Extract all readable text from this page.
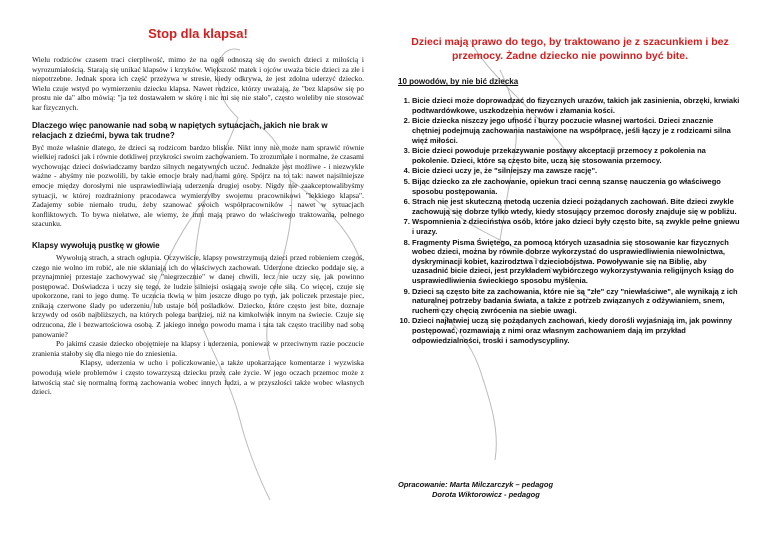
Stop dla klapsa!

Wielu rodziców czasem traci cierpliwość, mimo że na ogół odnoszą się do swoich dzieci z miłością i wyrozumiałością. Starają się unikać klapsów i krzyków. Większość matek i ojców uważa bicie dzieci za złe i niepotrzebne. Jednak spora ich część przeżywa w stresie, kiedy odkrywa, że jest zdolna uderzyć dziecko. Wielu czuje wstyd po wymierzeniu dziecku klapsa. Nawet rodzice, którzy uważają, że "bez klapsów się po prostu nie da" albo mówią: "ja też dostawałem w skórę i nic mi się nie stało", często wolelibу nie stosować kar fizycznych.

Dlaczego więc panowanie nad sobą w napiętych sytuacjach, jakich nie brak w relacjach z dziećmi, bywa tak trudne?

Być może właśnie dlatego, że dzieci są rodzicom bardzo bliskie. Nikt inny nie może nam sprawić równie wielkiej radości jak i równie dotkliwej przykrości swoim zachowaniem. To zrozumiałe i normalne, że czasami wychowując dzieci doświadczamy bardzo silnych negatywnych uczuć. Jednakże jest możliwe - i niezwykle ważne - abyśmy nie pozwolili, by takie emocje brały nad nami górę. Spójrz na to tak: nawet najsilniejsze emocje między dorosłymi nie usprawiedliwiają uderzenia drugiej osoby. Nigdy nie zaakceptowalibyśmy sytuacji, w której rozdrażniony pracodawca wymierzyłby swojemu pracownikowi "lekkiego klapsa". Zadajemy sobie niemało trudu, żeby szanować swoich współpracowników - nawet w sytuacjach konfliktowych. To bywa niełatwe, ale wiemy, że inni mają prawo do właściwego traktowania, pełnego szacunku.

Klapsy wywołują pustkę w głowie

Wywołują strach, a strach ogłupia. Oczywiście, klapsy powstrzymują dzieci przed robieniem czegoś, czego nie wolno im robić, ale nie skłaniają ich do właściwych zachowań. Uderzone dziecko poddaje się, a przynajmniej przestaje zachowywać się "niegrzecznie" w danej chwili, lecz nie uczy się, jak powinno postępować. Doświadcza i uczy się tego, że ludzie silniejsi osiągają swoje celе siłą. Co więcej, czuje się upokorzone, rani to jego dumę. Te uczucia tkwią w nim jeszcze długo po tym, jak policzek przestaje piec, znikają czerwone ślady po uderzeniu lub ustaje ból pośladków. Dziecko, które często jest bite, doznaje krzywdy od osób najbliższych, na których polega bardziej, niż na kimkolwiek innym na świecie. Czuje się odrzucona, źle i bezwartościowa osobą. Z jakiego innego powodu mama i tata tak często traciliby nad sobą panowanie?

Po jakimś czasie dziecko obojętnieje na klapsy i uderzenia, ponieważ w przeciwnym razie poczucie zranienia stałoby się dla niego nie do zniesienia.

Klapsy, uderzenia w ucho i policzkowanie, a także upokarzające komentarze i wyzwiska powodują wiele problemów i często towarzyszą dziecku przez całe życie. W jego oczach przemoc może z łatwością stać się normalną formą zachowania wobec innych ludzi, a w przyszłości także wobec własnych dzieci.

Dzieci mają prawo do tego, by traktowano je z szacunkiem i bez przemocy. Żadne dziecko nie powinno być bite.
10 powodów, by nie bić dziecka
1. Bicie dzieci może doprowadzać do fizycznych urazów, takich jak zasinienia, obrzęki, krwiaki podtwardówkowe, uszkodzenia nerwów i złamania kości.
2. Bicie dziecka niszczy jego ufność i burzy poczucie własnej wartości. Dzieci znacznie chętniej podejmują zachowania nastawione na współpracę, jeśli łączy je z rodzicami silna więź miłości.
3. Bicie dzieci powoduje przekazywanie postawy akceptacji przemocy z pokolenia na pokolenie. Dzieci, które są często bite, uczą się stosowania przemocy.
4. Bicie dzieci uczy je, że "silniejszy ma zawsze rację".
5. Bijąc dziecko za złe zachowanie, opiekun traci cenną szansę nauczenia go właściwego sposobu postępowania.
6. Strach nie jest skuteczną metodą uczenia dzieci pożądanych zachowań. Bite dzieci zwykle zachowują się dobrze tylko wtedy, kiedy stosujący przemoc dorosły znajduje się w pobliżu.
7. Wspomnienia z dzieciństwa osób, które jako dzieci były często bite, są zwykle pełne gniewu i urazy.
8. Fragmenty Pisma Świętego, za pomocą których uzasadnia się stosowanie kar fizycznych wobec dzieci, można by równie dobrze wykorzystać do usprawiedliwienia niewolnictwa, dyskryminacji kobiet, kazirodztwa i dzieciobójstwa. Powoływanie się na Biblię, aby uzasadnić bicie dzieci, jest przykładem wybiórczego wykorzystywania religijnych ksiąg do usprawiedliwienia świeckiego sposobu myślenia.
9. Dzieci są często bite za zachowania, które nie są "złe" czy "niewłaściwe", ale wynikają z ich naturalnej potrzeby badania świata, a także z potrzeb związanych z odżywianiem, snem, ruchem czy chęcią zwrócenia na siebie uwagi.
10. Dzieci najłatwiej uczą się pożądanych zachowań, kiedy dorośli wyjaśniają im, jak powinny postępować, rozmawiają z nimi oraz własnym zachowaniem dają im przykład odpowiedzialności, troski i samodyscypliny.
Opracowanie: Marta Milczarczyk – pedagog
Dorota Wiktorowicz - pedagog
